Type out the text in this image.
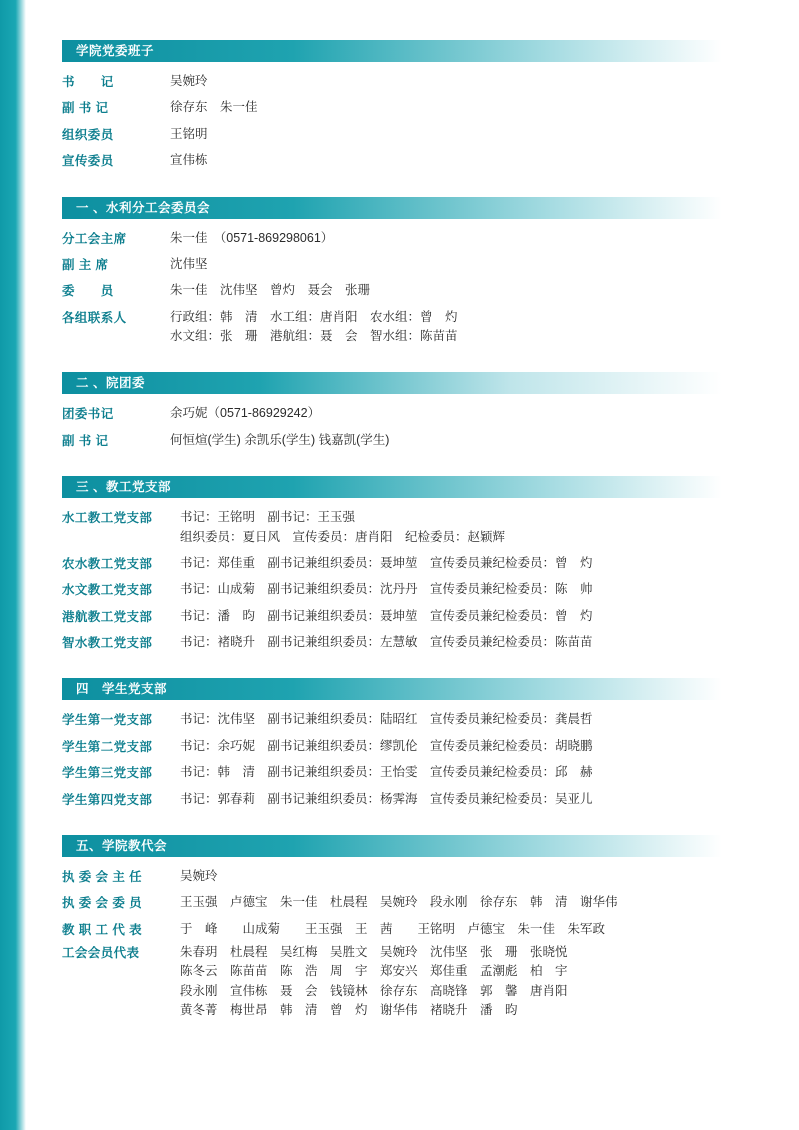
学院党委班子
书　　记	吴婉玲
副 书 记	徐存东　朱一佳
组织委员	王铭明
宣传委员	宣伟栋
一 、水利分工会委员会
分工会主席	朱一佳　（0571-869298061）
副 主 席	沈伟坚
委　　员	朱一佳　沈伟坚　曾灼　聂会　张珊
各组联系人	行政组：韩　清　水工组：唐肖阳　农水组：曾　灼
水文组：张　珊　港航组：聂　会　智水组：陈苗苗
二 、院团委
团委书记	余巧妮（0571-86929242）
副 书 记	何恒煊(学生) 余凯乐(学生) 钱嘉凯(学生)
三 、教工党支部
水工教工党支部	书记：王铭明　副书记：王玉强
组织委员：夏日风　宣传委员：唐肖阳　纪检委员：赵颖辉
农水教工党支部	书记：郑佳重　副书记兼组织委员：聂坤堃　宣传委员兼纪检委员：曾　灼
水文教工党支部	书记：山成菊　副书记兼组织委员：沈丹丹　宣传委员兼纪检委员：陈　帅
港航教工党支部	书记：潘　昀　副书记兼组织委员：聂坤堃　宣传委员兼纪检委员：曾　灼
智水教工党支部	书记：褚晓升　副书记兼组织委员：左慧敏　宣传委员兼纪检委员：陈苗苗
四　学生党支部
学生第一党支部	书记：沈伟坚　副书记兼组织委员：陆昭红　宣传委员兼纪检委员：龚晨哲
学生第二党支部	书记：余巧妮　副书记兼组织委员：缪凯伦　宣传委员兼纪检委员：胡晓鹏
学生第三党支部	书记：韩　清　副书记兼组织委员：王怡雯　宣传委员兼纪检委员：邱　赫
学生第四党支部	书记：郭春莉　副书记兼组织委员：杨霁海　宣传委员兼纪检委员：吴亚儿
五、学院教代会
执 委 会 主 任	吴婉玲
执 委 会 委 员	王玉强　卢德宝　朱一佳　杜晨程　吴婉玲　段永刚　徐存东　韩　清　谢华伟
教 职 工 代 表	于　峰　　山成菊　　王玉强　王　茜　　王铭明　卢德宝　朱一佳　朱军政
工会会员代表	朱春玥　杜晨程　吴红梅　吴胜文　吴婉玲　沈伟坚　张　珊　张晓悦
陈冬云　陈苗苗　陈　浩　周　宇　郑安兴　郑佳重　孟潮彪　柏　宇
段永刚　宣伟栋　聂　会　钱镜林　徐存东　高晓锋　郭　馨　唐肖阳
黄冬菁　梅世昂　韩　清　曾　灼　谢华伟　褚晓升　潘　昀
